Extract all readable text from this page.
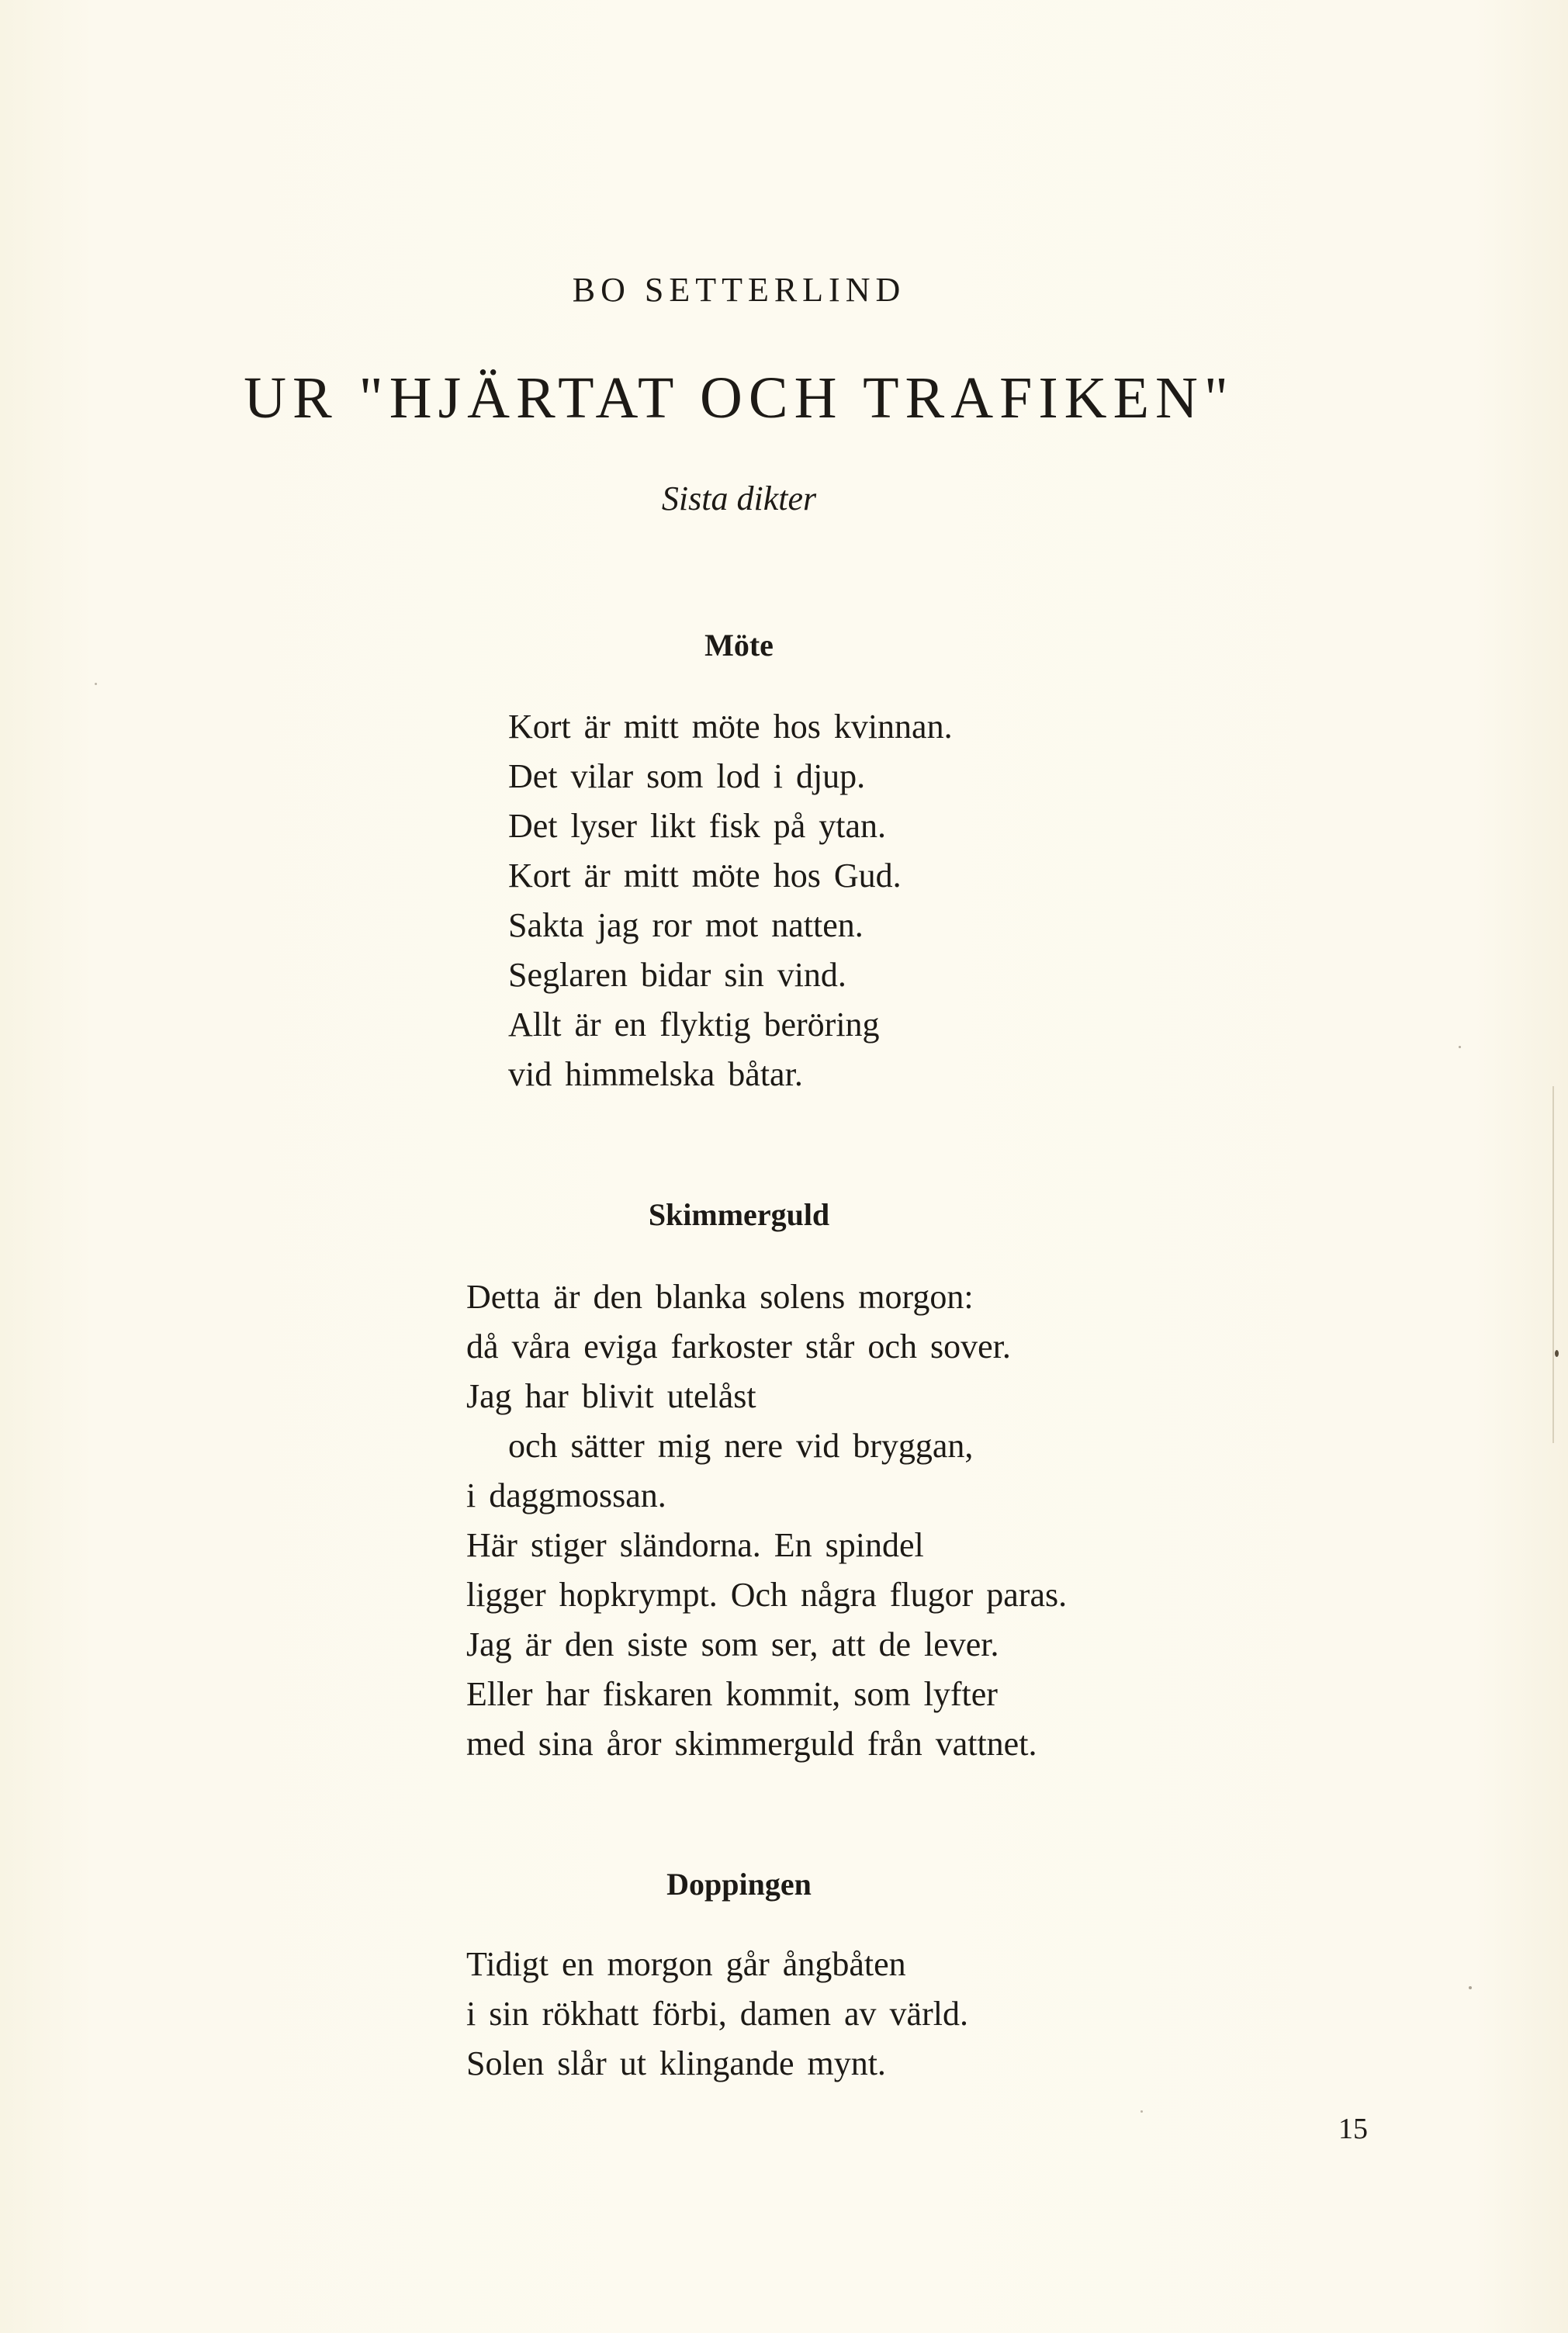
BO SETTERLIND
UR "HJÄRTAT OCH TRAFIKEN"
Sista dikter
Möte
Kort är mitt möte hos kvinnan.
Det vilar som lod i djup.
Det lyser likt fisk på ytan.
Kort är mitt möte hos Gud.
Sakta jag ror mot natten.
Seglaren bidar sin vind.
Allt är en flyktig beröring
vid himmelska båtar.
Skimmerguld
Detta är den blanka solens morgon:
då våra eviga farkoster står och sover.
Jag har blivit utelåst
och sätter mig nere vid bryggan,
i daggmossan.
Här stiger sländorna. En spindel
ligger hopkrympt. Och några flugor paras.
Jag är den siste som ser, att de lever.
Eller har fiskaren kommit, som lyfter
med sina åror skimmerguld från vattnet.
Doppingen
Tidigt en morgon går ångbåten
i sin rökhatt förbi, damen av värld.
Solen slår ut klingande mynt.
15
